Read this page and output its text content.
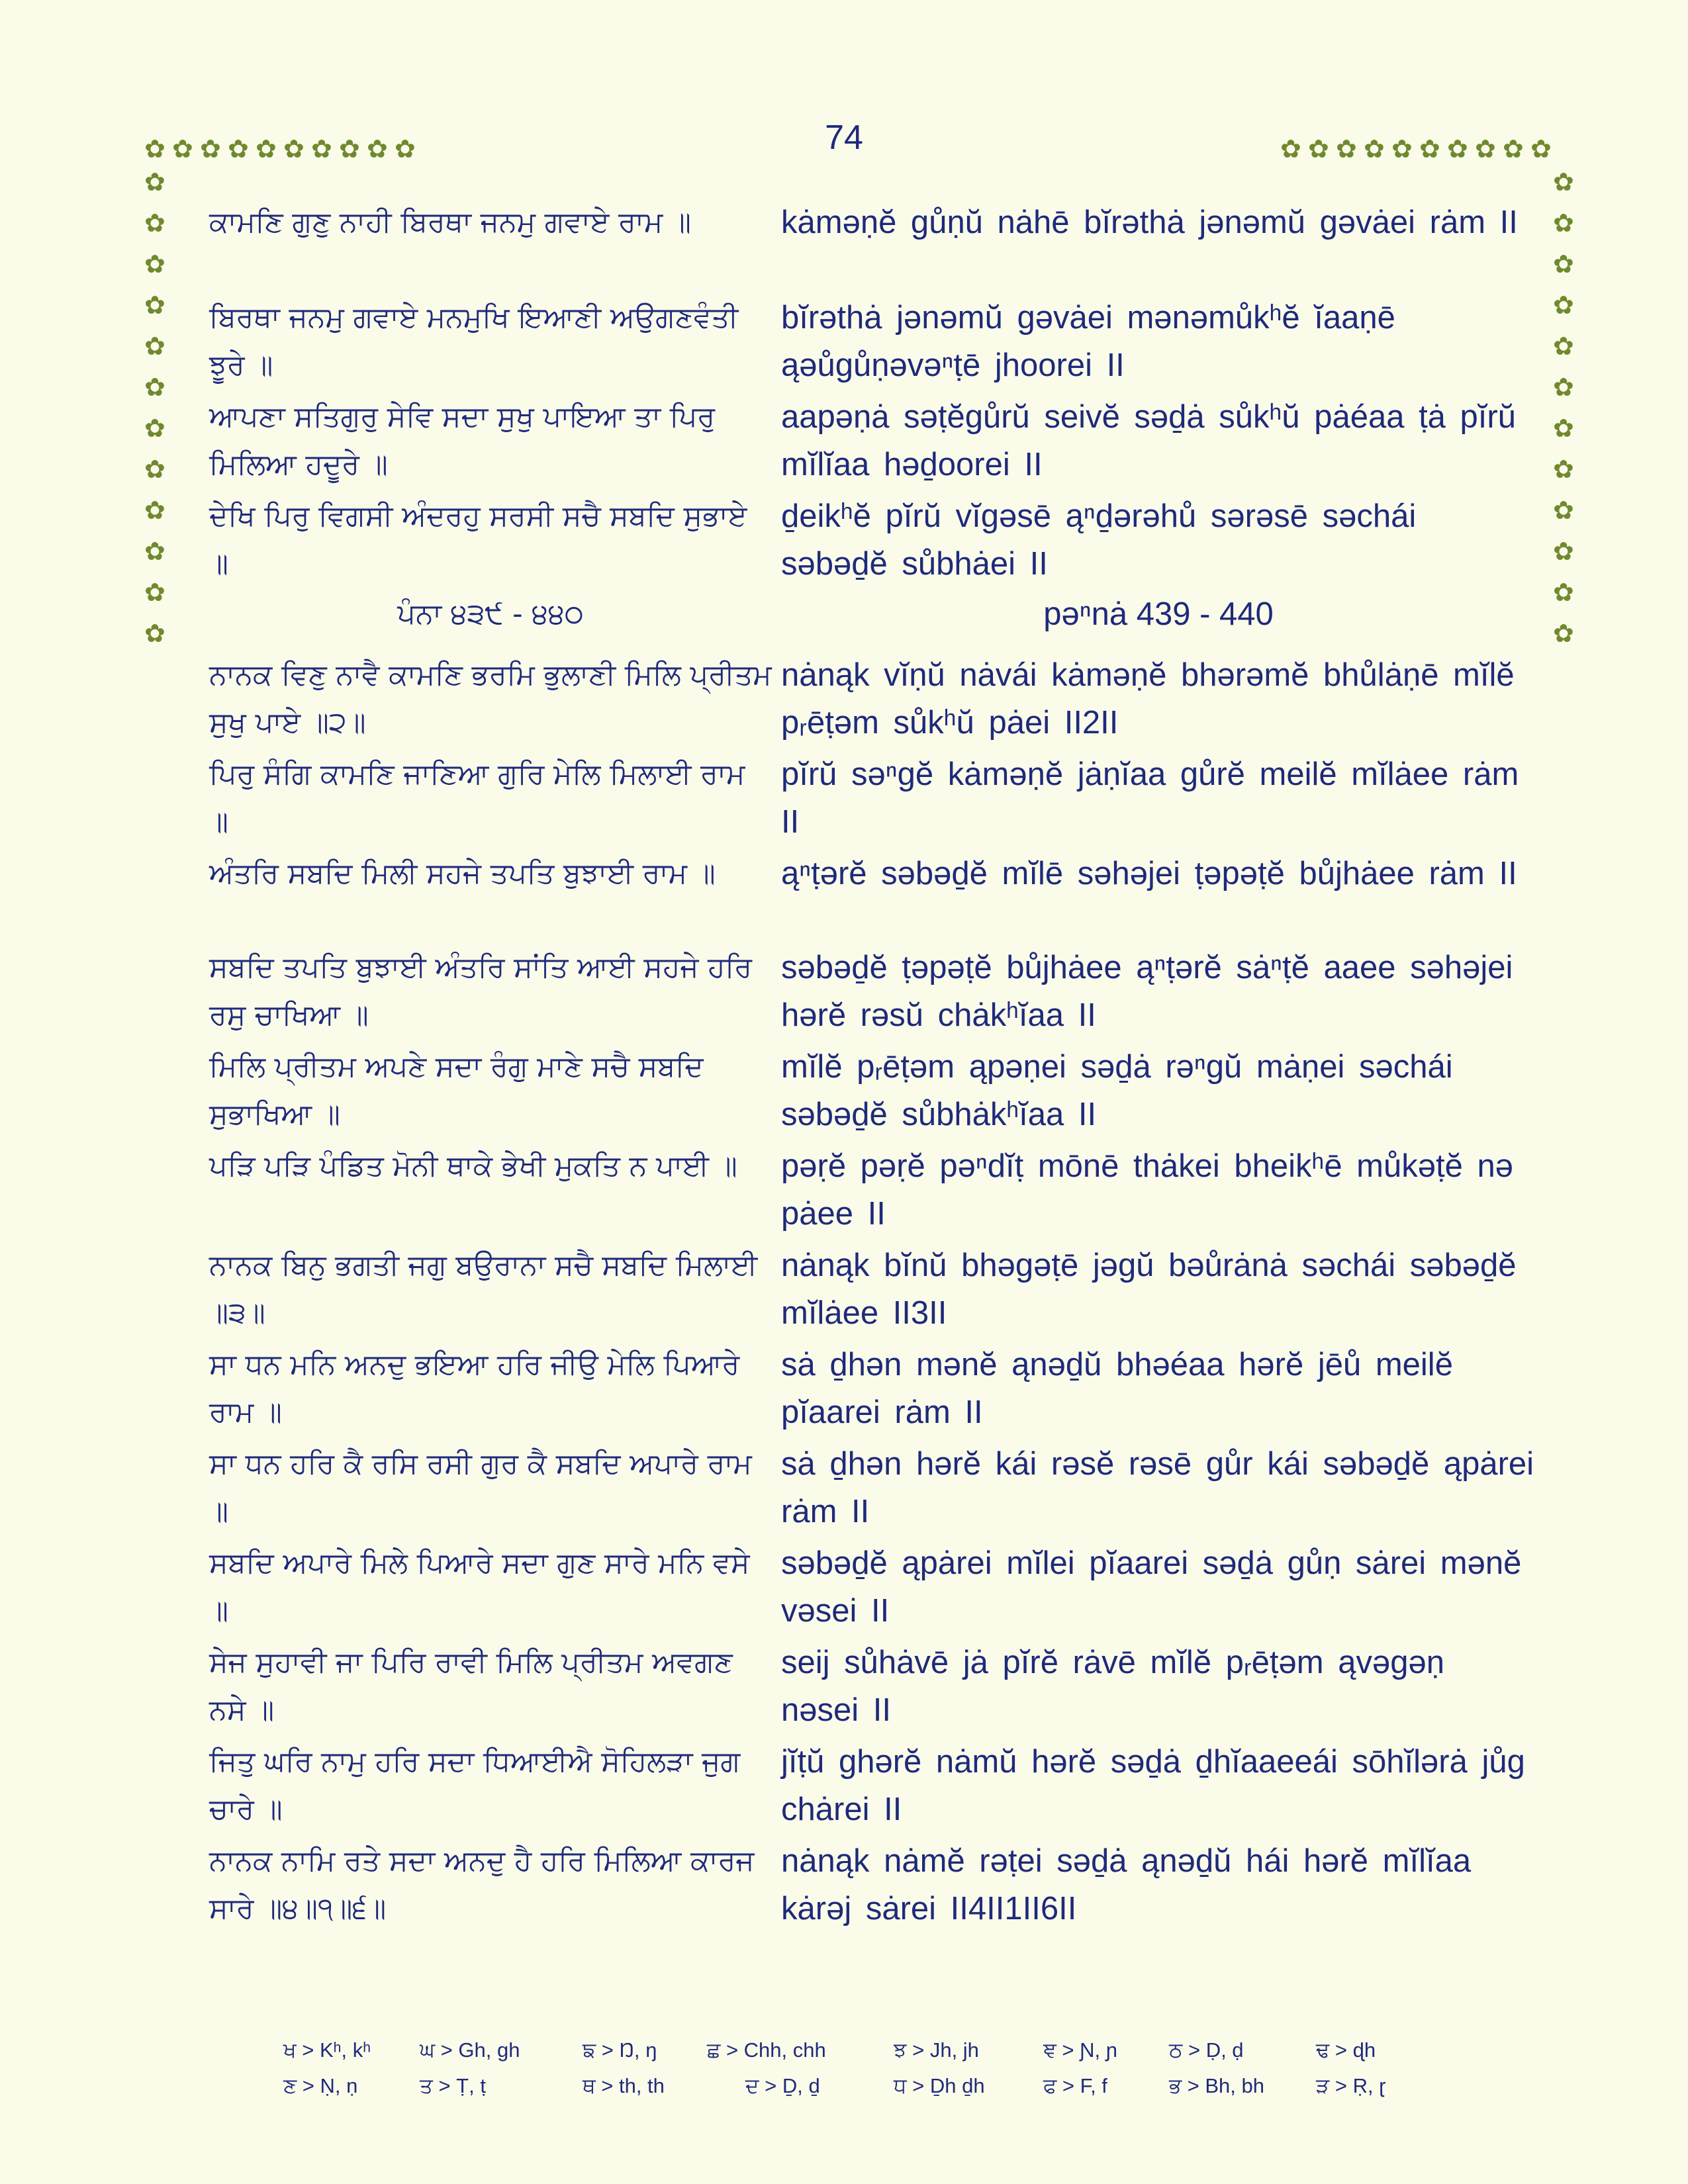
74
✿ ✿ ✿ ✿ ✿ ✿ ✿ ✿ ✿ ✿	✿ ✿ ✿ ✿ ✿ ✿ ✿ ✿ ✿ ✿
✿
✿
✿
✿
✿
✿
✿
✿
✿
✿
✿
✿
✿
✿
✿
✿
✿
✿
✿
✿
✿
✿
✿
✿
ਕਾਮਣਿ ਗੁਣੁ ਨਾਹੀ ਬਿਰਥਾ ਜਨਮੁ ਗਵਾਏ ਰਾਮ ॥	kȧməṇĕ gůṇŭ nȧhē bĭrəthȧ jənəmŭ gəvȧei rȧm II
ਬਿਰਥਾ ਜਨਮੁ ਗਵਾਏ ਮਨਮੁਖਿ ਇਆਣੀ ਅਉਗਣਵੰਤੀ ਝੂਰੇ ॥
bĭrəthȧ jənəmŭ gəvȧei mənəmůkʰĕ ĭaaṇē ąəůgůṇəvəⁿṭē jhoorei II
ਆਪਣਾ ਸਤਿਗੁਰੁ ਸੇਵਿ ਸਦਾ ਸੁਖੁ ਪਾਇਆ ਤਾ ਪਿਰੁ ਮਿਲਿਆ ਹਦੂਰੇ ॥
aapəṇȧ səṭĕgůrŭ seivĕ səḏȧ sůkʰŭ pȧéaa ṭȧ pĭrŭ mĭlĭaa həḏoorei II
ਦੇਖਿ ਪਿਰੁ ਵਿਗਸੀ ਅੰਦਰਹੁ ਸਰਸੀ ਸਚੈ ਸਬਦਿ ਸੁਭਾਏ ॥
ḏeikʰĕ pĭrŭ vĭgəsē ąⁿḏərəhů sərəsē səchái səbəḏĕ sůbhȧei II
ਪੰਨਾ ੪੩੯ - ੪੪੦	pəⁿnȧ 439 - 440
ਨਾਨਕ ਵਿਣੁ ਨਾਵੈ ਕਾਮਣਿ ਭਰਮਿ ਭੁਲਾਣੀ ਮਿਲਿ ਪ੍ਰੀਤਮ ਸੁਖੁ ਪਾਏ ॥੨॥
nȧnąk vĭṇŭ nȧvái kȧməṇĕ bhərəmĕ bhůlȧṇē mĭlĕ pᵣēṭəm sůkʰŭ pȧei II2II
ਪਿਰੁ ਸੰਗਿ ਕਾਮਣਿ ਜਾਣਿਆ ਗੁਰਿ ਮੇਲਿ ਮਿਲਾਈ ਰਾਮ ॥
pĭrŭ səⁿgĕ kȧməṇĕ jȧṇĭaa gůrĕ meilĕ mĭlȧee rȧm II
ਅੰਤਰਿ ਸਬਦਿ ਮਿਲੀ ਸਹਜੇ ਤਪਤਿ ਬੁਝਾਈ ਰਾਮ ॥	ąⁿṭərĕ səbəḏĕ mĭlē səhəjei ṭəpəṭĕ bůjhȧee rȧm II
ਸਬਦਿ ਤਪਤਿ ਬੁਝਾਈ ਅੰਤਰਿ ਸਾਂਤਿ ਆਈ ਸਹਜੇ ਹਰਿ ਰਸੁ ਚਾਖਿਆ ॥
səbəḏĕ ṭəpəṭĕ bůjhȧee ąⁿṭərĕ sȧⁿṭĕ aaee səhəjei hərĕ rəsŭ chȧkʰĭaa II
ਮਿਲਿ ਪ੍ਰੀਤਮ ਅਪਣੇ ਸਦਾ ਰੰਗੁ ਮਾਣੇ ਸਚੈ ਸਬਦਿ ਸੁਭਾਖਿਆ ॥
mĭlĕ pᵣēṭəm ąpəṇei səḏȧ rəⁿgŭ mȧṇei səchái səbəḏĕ sůbhȧkʰĭaa II
ਪੜਿ ਪੜਿ ਪੰਡਿਤ ਮੋਨੀ ਥਾਕੇ ਭੇਖੀ ਮੁਕਤਿ ਨ ਪਾਈ ॥	pəṛĕ pəṛĕ pəⁿdĭṭ mōnē thȧkei bheikʰē můkəṭĕ nə pȧee II
ਨਾਨਕ ਬਿਨੁ ਭਗਤੀ ਜਗੁ ਬਉਰਾਨਾ ਸਚੈ ਸਬਦਿ ਮਿਲਾਈ ॥੩॥
nȧnąk bĭnŭ bhəgəṭē jəgŭ bəůrȧnȧ səchái səbəḏĕ mĭlȧee II3II
ਸਾ ਧਨ ਮਨਿ ਅਨਦੁ ਭਇਆ ਹਰਿ ਜੀਉ ਮੇਲਿ ਪਿਆਰੇ ਰਾਮ ॥
sȧ ḏhən mənĕ ąnəḏŭ bhəéaa hərĕ jēů meilĕ pĭaarei rȧm II
ਸਾ ਧਨ ਹਰਿ ਕੈ ਰਸਿ ਰਸੀ ਗੁਰ ਕੈ ਸਬਦਿ ਅਪਾਰੇ ਰਾਮ ॥
sȧ ḏhən hərĕ kái rəsĕ rəsē gůr kái səbəḏĕ ąpȧrei rȧm II
ਸਬਦਿ ਅਪਾਰੇ ਮਿਲੇ ਪਿਆਰੇ ਸਦਾ ਗੁਣ ਸਾਰੇ ਮਨਿ ਵਸੇ ॥
səbəḏĕ ąpȧrei mĭlei pĭaarei səḏȧ gůṇ sȧrei mənĕ vəsei II
ਸੇਜ ਸੁਹਾਵੀ ਜਾ ਪਿਰਿ ਰਾਵੀ ਮਿਲਿ ਪ੍ਰੀਤਮ ਅਵਗਣ ਨਸੇ ॥
seij sůhȧvē jȧ pĭrĕ rȧvē mĭlĕ pᵣēṭəm ąvəgəṇ nəsei II
ਜਿਤੁ ਘਰਿ ਨਾਮੁ ਹਰਿ ਸਦਾ ਧਿਆਈਐ ਸੋਹਿਲੜਾ ਜੁਗ ਚਾਰੇ ॥
jĭṭŭ ghərĕ nȧmŭ hərĕ səḏȧ ḏhĭaaeeái sōhĭlərȧ jůg chȧrei II
ਨਾਨਕ ਨਾਮਿ ਰਤੇ ਸਦਾ ਅਨਦੁ ਹੈ ਹਰਿ ਮਿਲਿਆ ਕਾਰਜ ਸਾਰੇ ॥੪॥੧॥੬॥
nȧnąk nȧmĕ rəṭei səḏȧ ąnəḏŭ hái hərĕ mĭlĭaa kȧrəj sȧrei II4II1II6II
ਖ > Kʰ, kʰ ਘ > Gh, gh	ਙ > Ŋ, ŋ ਛ > Chh, chh	ਝ > Jh, jh	ਞ > Ɲ, ɲ	ਠ > Ḍ, ḍ	ਢ > ɖh
ਣ > Ṇ, ṇ	ਤ > Ṭ, ṭ	ਥ > th, th	ਦ > Ḏ, ḏ	ਧ > Ḏh ḏh	ਫ > F, f	ਭ > Bh, bh	ੜ > Ṛ, ɽ
